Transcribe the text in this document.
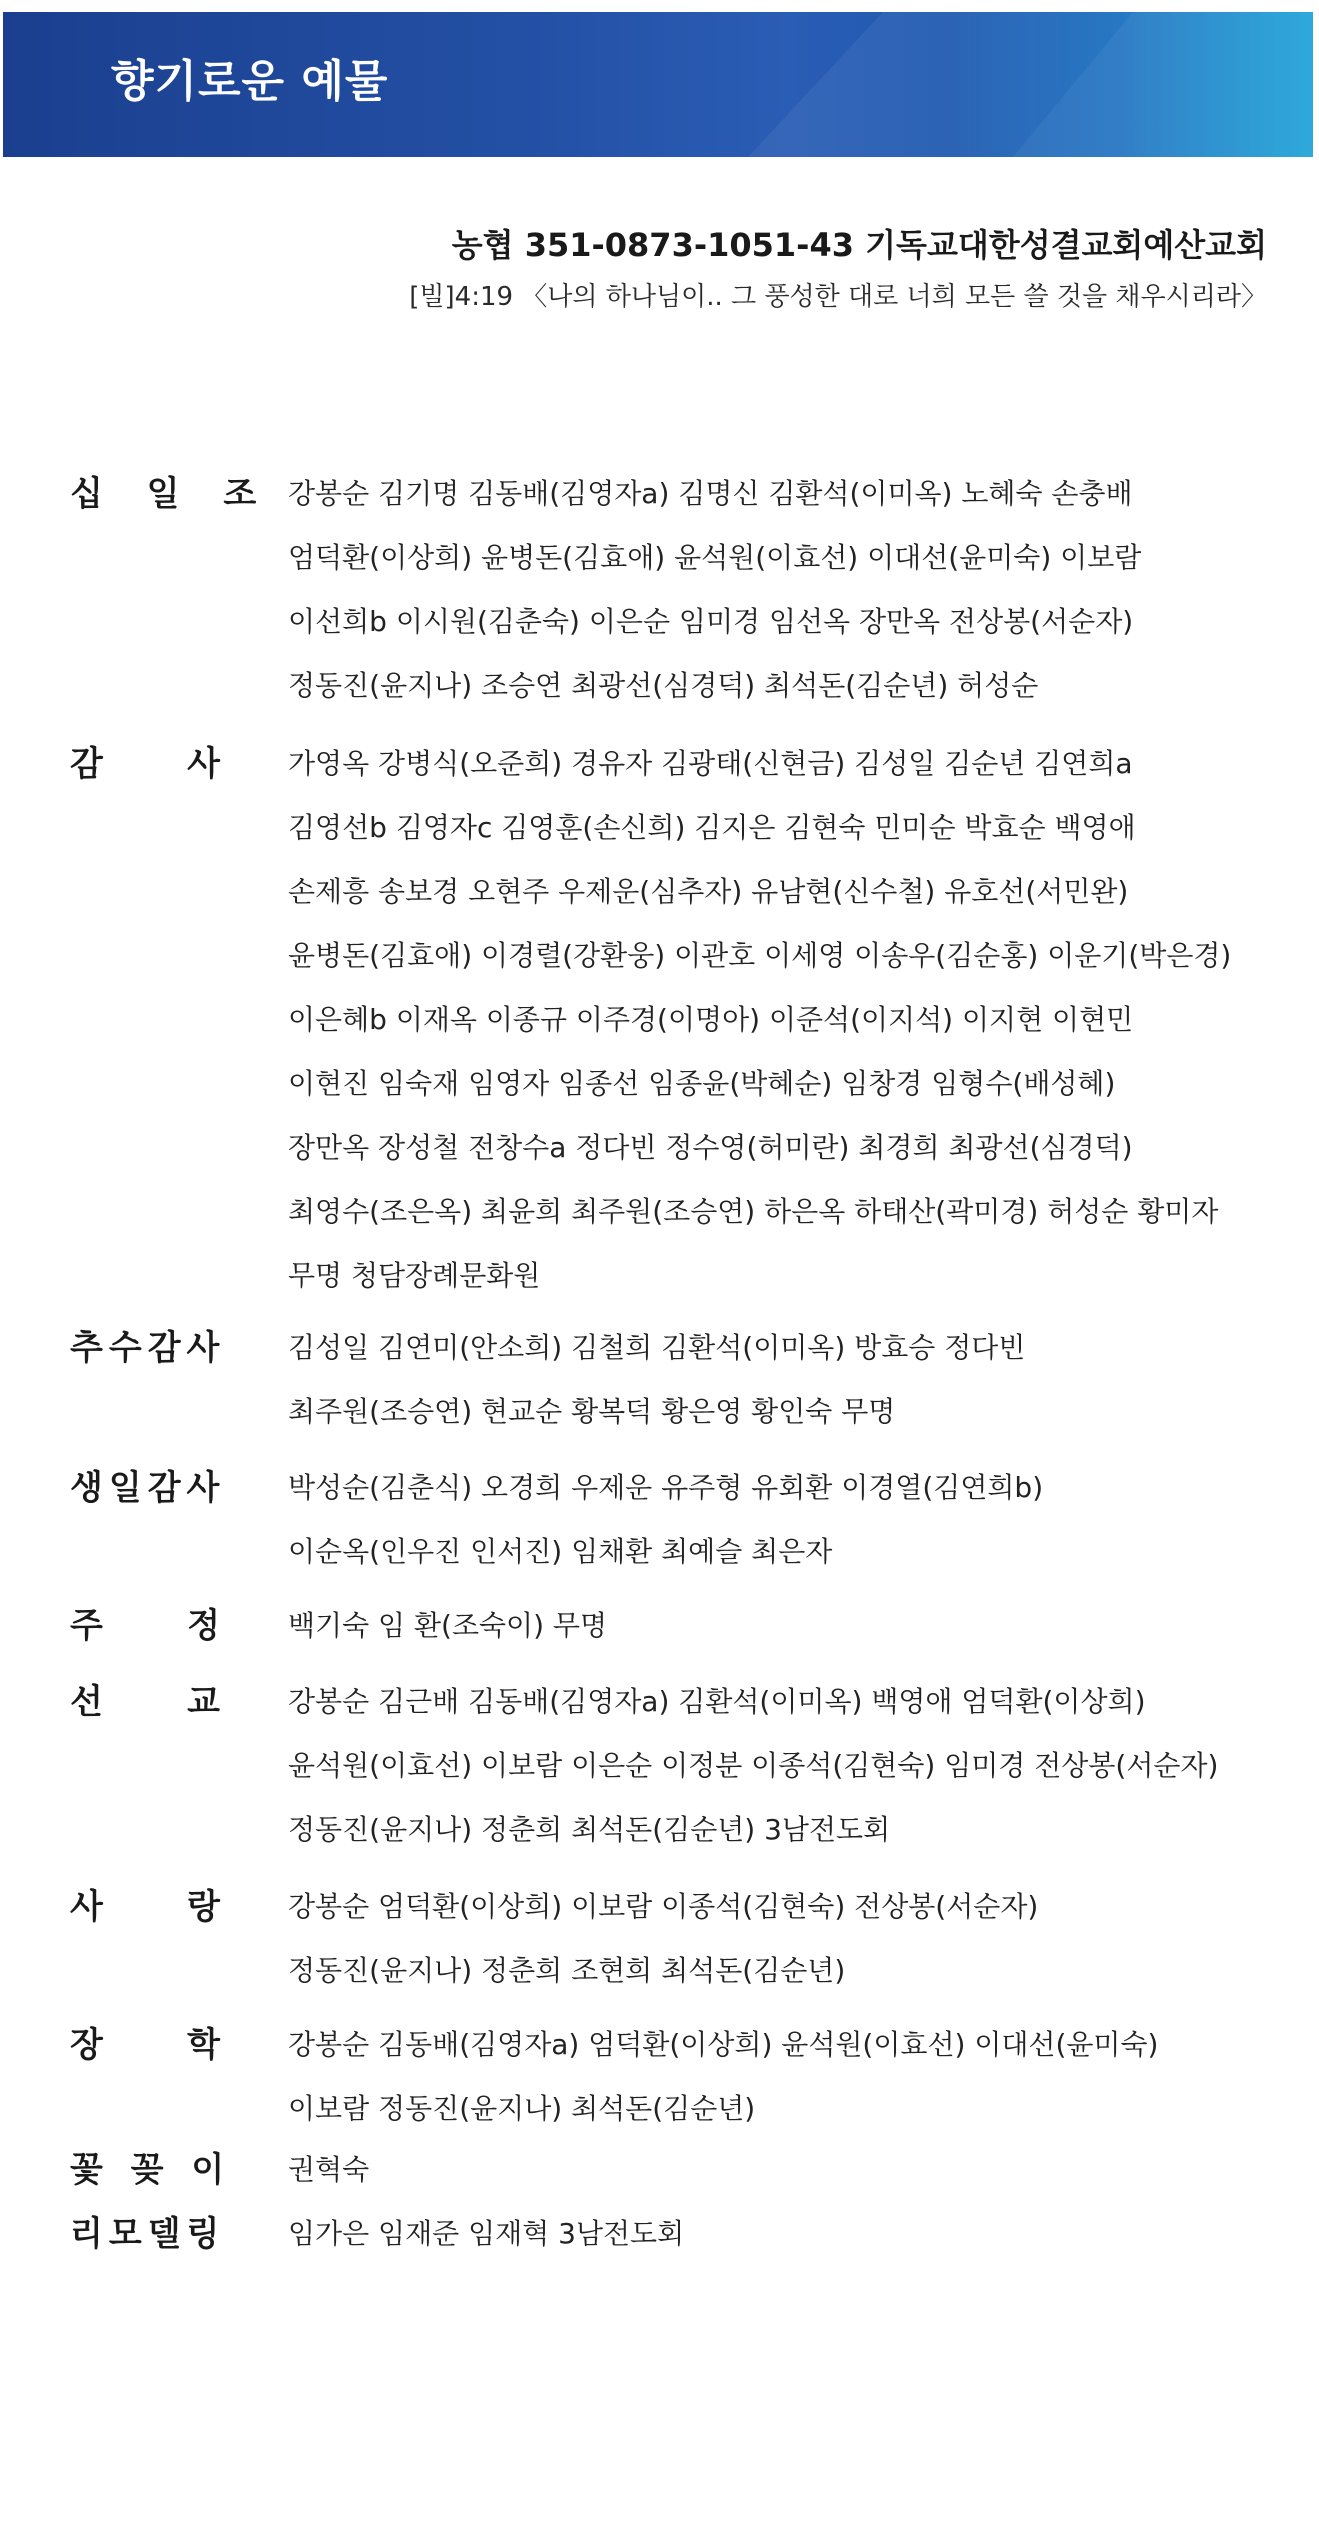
향기로운 예물
농협 351-0873-1051-43 기독교대한성결교회예산교회
[빌]4:19 〈나의 하나님이.. 그 풍성한 대로 너희 모든 쓸 것을 채우시리라〉
십 일 조 강봉순 김기명 김동배(김영자a) 김명신 김환석(이미옥) 노혜숙 손충배
엄덕환(이상희) 윤병돈(김효애) 윤석원(이효선) 이대선(윤미숙) 이보람
이선희b 이시원(김춘숙) 이은순 임미경 임선옥 장만옥 전상봉(서순자)
정동진(윤지나) 조승연 최광선(심경덕) 최석돈(김순년) 허성순
감 사 가영옥 강병식(오준희) 경유자 김광태(신현금) 김성일 김순년 김연희a
김영선b 김영자c 김영훈(손신희) 김지은 김현숙 민미순 박효순 백영애
손제흥 송보경 오현주 우제운(심추자) 유남현(신수철) 유호선(서민완)
윤병돈(김효애) 이경렬(강환웅) 이관호 이세영 이송우(김순홍) 이운기(박은경)
이은혜b 이재옥 이종규 이주경(이명아) 이준석(이지석) 이지현 이현민
이현진 임숙재 임영자 임종선 임종윤(박혜순) 임창경 임형수(배성혜)
장만옥 장성철 전창수a 정다빈 정수영(허미란) 최경희 최광선(심경덕)
최영수(조은옥) 최윤희 최주원(조승연) 하은옥 하태산(곽미경) 허성순 황미자
무명 청담장례문화원
추수감사 김성일 김연미(안소희) 김철희 김환석(이미옥) 방효승 정다빈
최주원(조승연) 현교순 황복덕 황은영 황인숙 무명
생일감사 박성순(김춘식) 오경희 우제운 유주형 유회환 이경열(김연희b)
이순옥(인우진 인서진) 임채환 최예슬 최은자
주 정 백기숙 임 환(조숙이) 무명
선 교 강봉순 김근배 김동배(김영자a) 김환석(이미옥) 백영애 엄덕환(이상희)
윤석원(이효선) 이보람 이은순 이정분 이종석(김현숙) 임미경 전상봉(서순자)
정동진(윤지나) 정춘희 최석돈(김순년) 3남전도회
사 랑 강봉순 엄덕환(이상희) 이보람 이종석(김현숙) 전상봉(서순자)
정동진(윤지나) 정춘희 조현희 최석돈(김순년)
장 학 강봉순 김동배(김영자a) 엄덕환(이상희) 윤석원(이효선) 이대선(윤미숙)
이보람 정동진(윤지나) 최석돈(김순년)
꽃 꽂 이 권혁숙
리모델링 임가은 임재준 임재혁 3남전도회
